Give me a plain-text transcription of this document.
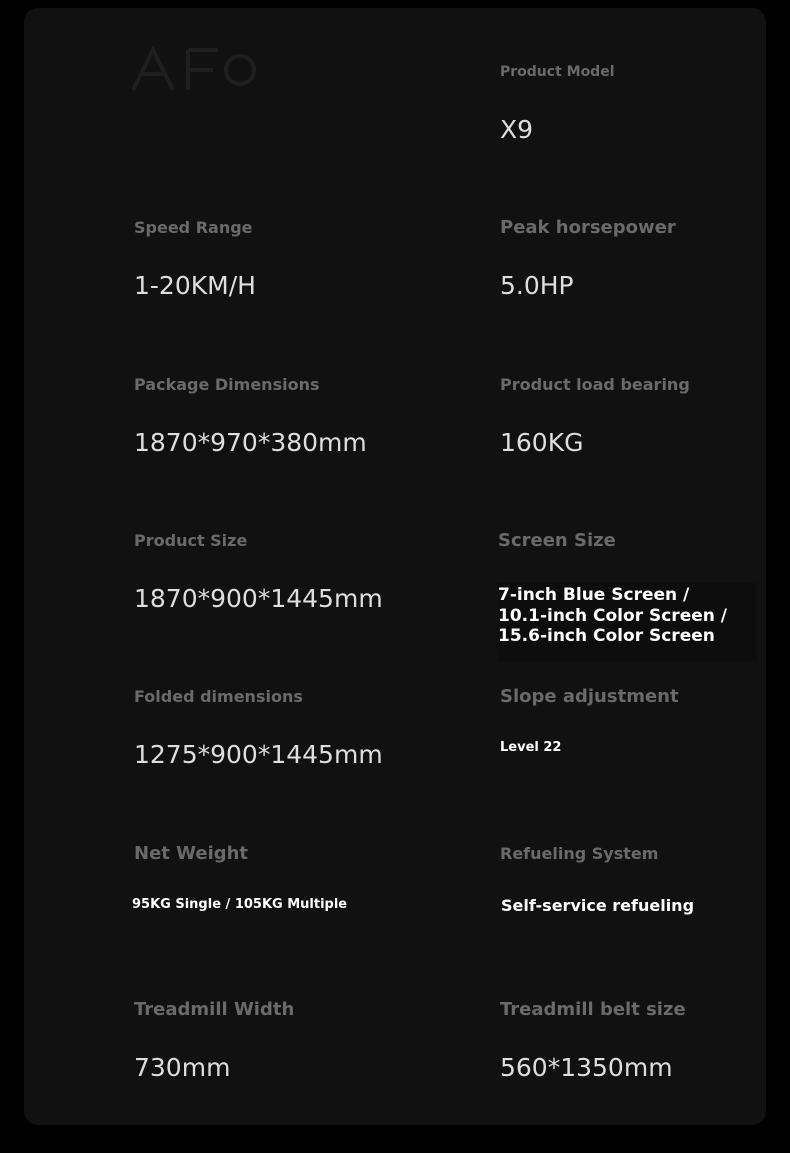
Product Model
X9
Speed Range
1-20KM/H
Peak horsepower
5.0HP
Package Dimensions
1870*970*380mm
Product load bearing
160KG
Product Size
1870*900*1445mm
Screen Size
7-inch Blue Screen /
10.1-inch Color Screen /
15.6-inch Color Screen
Folded dimensions
1275*900*1445mm
Slope adjustment
Level 22
Net Weight
95KG Single / 105KG Multiple
Refueling System
Self-service refueling
Treadmill Width
730mm
Treadmill belt size
560*1350mm
